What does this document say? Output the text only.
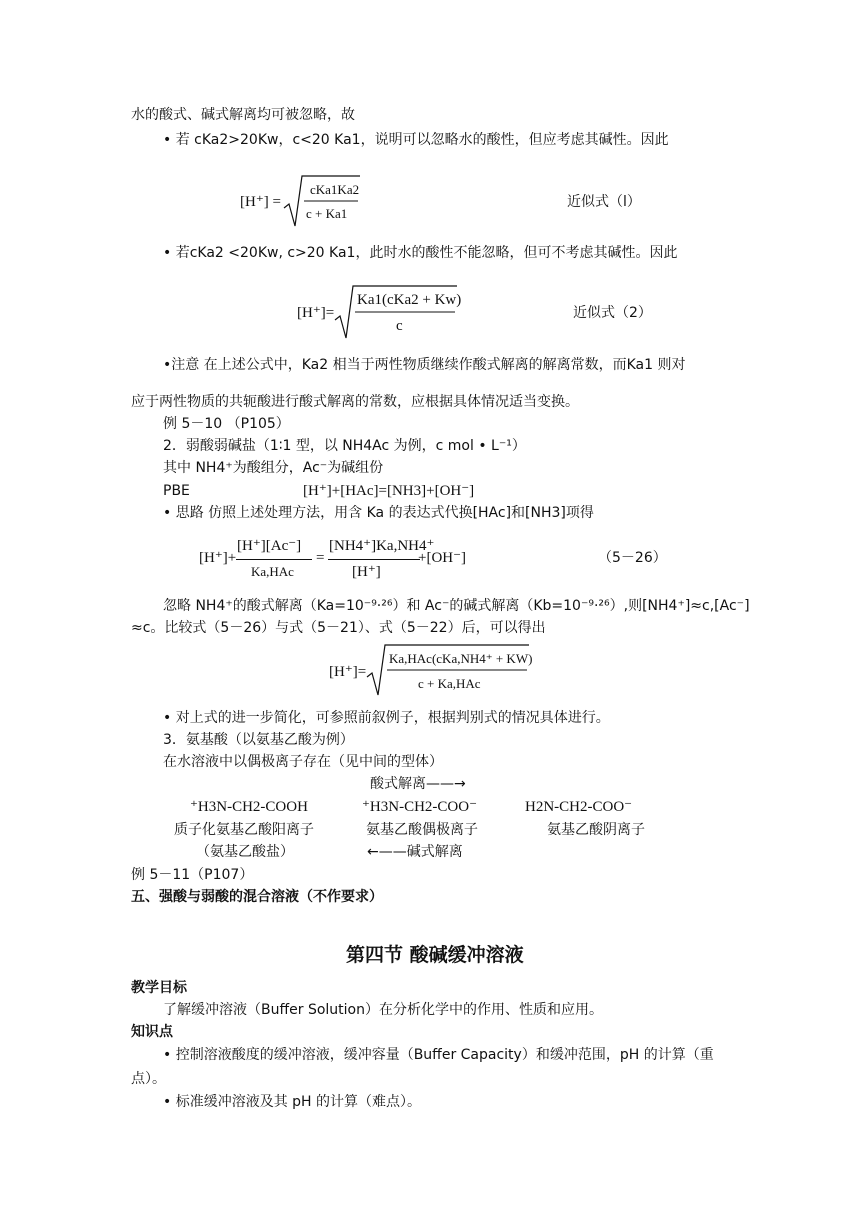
水的酸式、碱式解离均可被忽略，故
• 若 cKa2>20Kw，c<20 Ka1，说明可以忽略水的酸性，但应考虑其碱性。因此
[H⁺] =
cKa1Ka2
c + Ka1
近似式（l）
• 若cKa2 <20Kw, c>20 Ka1，此时水的酸性不能忽略，但可不考虑其碱性。因此
[H⁺]=
Ka1(cKa2 + Kw)
c
近似式（2）
•注意 在上述公式中，Ka2 相当于两性物质继续作酸式解离的解离常数，而Ka1 则对
应于两性物质的共轭酸进行酸式解离的常数，应根据具体情况适当变换。
例 5－10 （P105）
2．弱酸弱碱盐（1∶1 型，以 NH4Ac 为例，c mol • L⁻¹）
其中 NH4⁺为酸组分，Ac⁻为碱组份
PBE	[H⁺]+[HAc]=[NH3]+[OH⁻]
• 思路 仿照上述处理方法，用含 Ka 的表达式代换[HAc]和[NH3]项得
[H⁺]+
[H⁺][Ac⁻]
Ka,HAc
=
[NH4⁺]Ka,NH4⁺
[H⁺]
+[OH⁻]	（5－26）
忽略 NH4⁺的酸式解离（Ka=10⁻⁹·²⁶）和 Ac⁻的碱式解离（Kb=10⁻⁹·²⁶）,则[NH4⁺]≈c,[Ac⁻]
≈c。比较式（5－26）与式（5－21）、式（5－22）后，可以得出
[H⁺]=
Ka,HAc(cKa,NH4⁺ + KW)
c + Ka,HAc
• 对上式的进一步简化，可参照前叙例子，根据判别式的情况具体进行。
3．氨基酸（以氨基乙酸为例）
在水溶液中以偶极离子存在（见中间的型体）
酸式解离——→
⁺H3N-CH2-COOH	⁺H3N-CH2-COO⁻	H2N-CH2-COO⁻
质子化氨基乙酸阳离子	氨基乙酸偶极离子	氨基乙酸阴离子
（氨基乙酸盐）	←——碱式解离
例 5－11（P107）
五、强酸与弱酸的混合溶液（不作要求）
第四节 酸碱缓冲溶液
教学目标
了解缓冲溶液（Buffer Solution）在分析化学中的作用、性质和应用。
知识点
• 控制溶液酸度的缓冲溶液，缓冲容量（Buffer Capacity）和缓冲范围，pH 的计算（重
点）。
• 标准缓冲溶液及其 pH 的计算（难点）。
